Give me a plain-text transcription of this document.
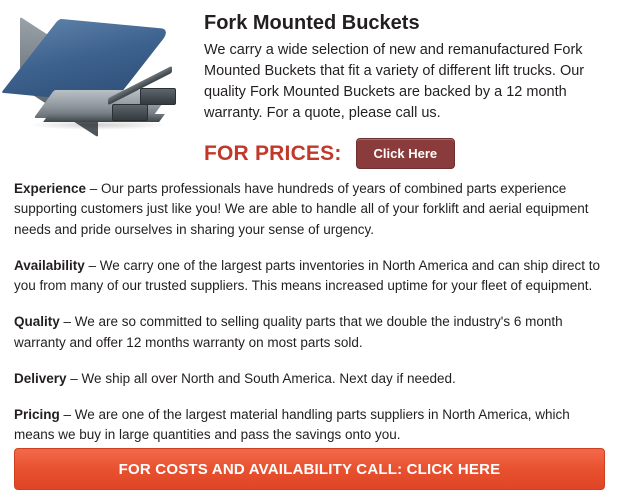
Fork Mounted Buckets

We carry a wide selection of new and remanufactured Fork Mounted Buckets that fit a variety of different lift trucks. Our quality Fork Mounted Buckets are backed by a 12 month warranty. For a quote, please call us.

FOR PRICES:	Click Here

Experience – Our parts professionals have hundreds of years of combined parts experience supporting customers just like you! We are able to handle all of your forklift and aerial equipment needs and pride ourselves in sharing your sense of urgency.

Availability – We carry one of the largest parts inventories in North America and can ship direct to you from many of our trusted suppliers. This means increased uptime for your fleet of equipment.

Quality – We are so committed to selling quality parts that we double the industry's 6 month warranty and offer 12 months warranty on most parts sold.

Delivery – We ship all over North and South America. Next day if needed.

Pricing – We are one of the largest material handling parts suppliers in North America, which means we buy in large quantities and pass the savings onto you.

FOR COSTS AND AVAILABILITY CALL: CLICK HERE
